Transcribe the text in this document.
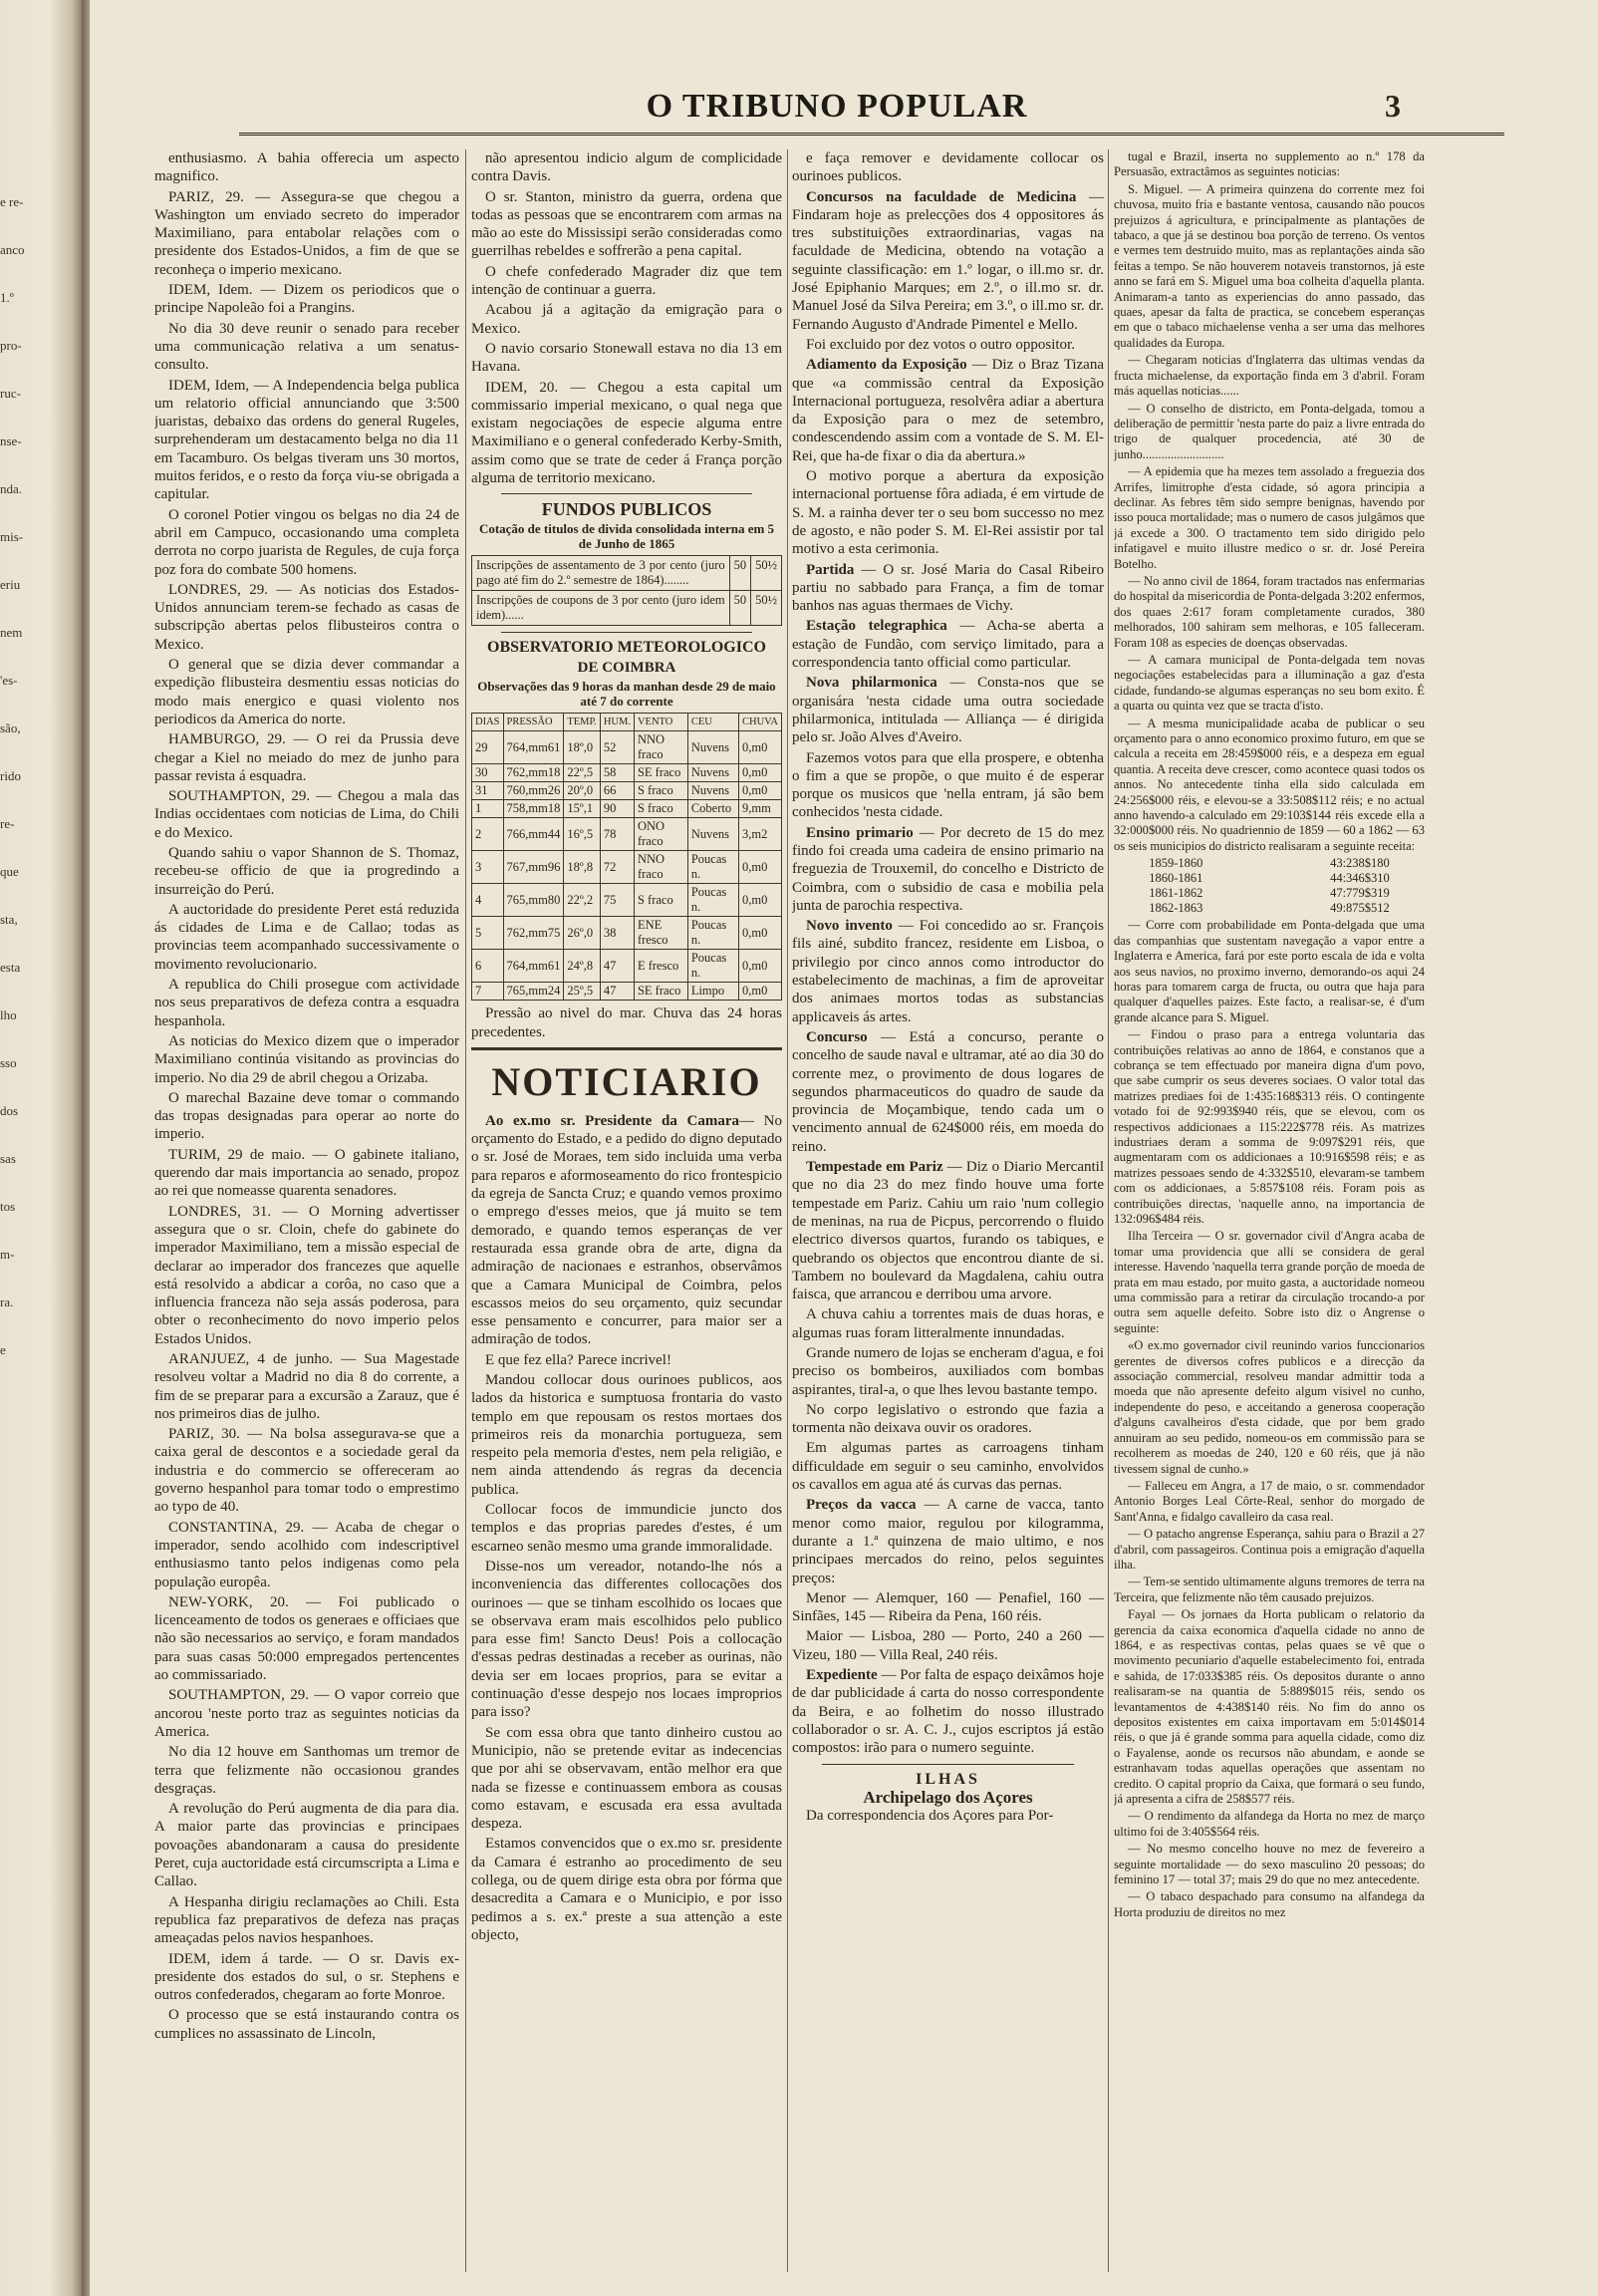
e re-
anco
1.º
pro-
ruc-
nse-
nda.
mis-
eriu
nem
'es-
são,
rido
re-
que
sta,
esta
lho
sso
dos
sas
tos
m-
ra.
e
O TRIBUNO POPULAR	3

enthusiasmo. A bahia offerecia um aspecto magnifico.

PARIZ, 29. — Assegura-se que chegou a Washington um enviado secreto do imperador Maximiliano, para entabolar relações com o presidente dos Estados-Unidos, a fim de que se reconheça o imperio mexicano.

IDEM, Idem. — Dizem os periodicos que o principe Napoleão foi a Prangins.

No dia 30 deve reunir o senado para receber uma communicação relativa a um senatus-consulto.

IDEM, Idem, — A Independencia belga publica um relatorio official annunciando que 3:500 juaristas, debaixo das ordens do general Rugeles, surprehenderam um destacamento belga no dia 11 em Tacamburo. Os belgas tiveram uns 30 mortos, muitos feridos, e o resto da força viu-se obrigada a capitular.

O coronel Potier vingou os belgas no dia 24 de abril em Campuco, occasionando uma completa derrota no corpo juarista de Regules, de cuja força poz fora do combate 500 homens.

LONDRES, 29. — As noticias dos Estados-Unidos annunciam terem-se fechado as casas de subscripção abertas pelos flibusteiros contra o Mexico.

O general que se dizia dever commandar a expedição flibusteira desmentiu essas noticias do modo mais energico e quasi violento nos periodicos da America do norte.

HAMBURGO, 29. — O rei da Prussia deve chegar a Kiel no meiado do mez de junho para passar revista á esquadra.

SOUTHAMPTON, 29. — Chegou a mala das Indias occidentaes com noticias de Lima, do Chili e do Mexico.

Quando sahiu o vapor Shannon de S. Thomaz, recebeu-se officio de que ia progredindo a insurreição do Perú.

A auctoridade do presidente Peret está reduzida ás cidades de Lima e de Callao; todas as provincias teem acompanhado successivamente o movimento revolucionario.

A republica do Chili prosegue com actividade nos seus preparativos de defeza contra a esquadra hespanhola.

As noticias do Mexico dizem que o imperador Maximiliano continúa visitando as provincias do imperio. No dia 29 de abril chegou a Orizaba.

O marechal Bazaine deve tomar o commando das tropas designadas para operar ao norte do imperio.

TURIM, 29 de maio. — O gabinete italiano, querendo dar mais importancia ao senado, propoz ao rei que nomeasse quarenta senadores.

LONDRES, 31. — O Morning advertisser assegura que o sr. Cloin, chefe do gabinete do imperador Maximiliano, tem a missão especial de declarar ao imperador dos francezes que aquelle está resolvido a abdicar a corôa, no caso que a influencia franceza não seja assás poderosa, para obter o reconhecimento do novo imperio pelos Estados Unidos.

ARANJUEZ, 4 de junho. — Sua Magestade resolveu voltar a Madrid no dia 8 do corrente, a fim de se preparar para a excursão a Zarauz, que é nos primeiros dias de julho.

PARIZ, 30. — Na bolsa assegurava-se que a caixa geral de descontos e a sociedade geral da industria e do commercio se offereceram ao governo hespanhol para tomar todo o emprestimo ao typo de 40.

CONSTANTINA, 29. — Acaba de chegar o imperador, sendo acolhido com indescriptivel enthusiasmo tanto pelos indigenas como pela população europêa.

NEW-YORK, 20. — Foi publicado o licenceamento de todos os generaes e officiaes que não são necessarios ao serviço, e foram mandados para suas casas 50:000 empregados pertencentes ao commissariado.

SOUTHAMPTON, 29. — O vapor correio que ancorou 'neste porto traz as seguintes noticias da America.

No dia 12 houve em Santhomas um tremor de terra que felizmente não occasionou grandes desgraças.

A revolução do Perú augmenta de dia para dia. A maior parte das provincias e principaes povoações abandonaram a causa do presidente Peret, cuja auctoridade está circumscripta a Lima e Callao.

A Hespanha dirigiu reclamações ao Chili. Esta republica faz preparativos de defeza nas praças ameaçadas pelos navios hespanhoes.

IDEM, idem á tarde. — O sr. Davis ex-presidente dos estados do sul, o sr. Stephens e outros confederados, chegaram ao forte Monroe.

O processo que se está instaurando contra os cumplices no assassinato de Lincoln,

não apresentou indicio algum de complicidade contra Davis.

O sr. Stanton, ministro da guerra, ordena que todas as pessoas que se encontrarem com armas na mão ao este do Mississipi serão consideradas como guerrilhas rebeldes e soffrerão a pena capital.

O chefe confederado Magrader diz que tem intenção de continuar a guerra.

Acabou já a agitação da emigração para o Mexico.

O navio corsario Stonewall estava no dia 13 em Havana.

IDEM, 20. — Chegou a esta capital um commissario imperial mexicano, o qual nega que existam negociações de especie alguma entre Maximiliano e o general confederado Kerby-Smith, assim como que se trate de ceder á França porção alguma de territorio mexicano.

FUNDOS PUBLICOS
Cotação de titulos de divida consolidada interna em 5 de Junho de 1865
Inscripções de assentamento de 3 por cento (juro pago até fim do 2.º semestre de 1864)........	50	50½
Inscripções de coupons de 3 por cento (juro idem idem)......	50	50½
OBSERVATORIO METEOROLOGICO
DE COIMBRA
Observações das 9 horas da manhan desde 29 de maio até 7 do corrente
DIAS	PRESSÃO	TEMP.	HUM.	VENTO	CEU	CHUVA
29	764,mm61	18º,0	52	NNO fraco	Nuvens	0,m0
30	762,mm18	22º,5	58	SE fraco	Nuvens	0,m0
31	760,mm26	20º,0	66	S fraco	Nuvens	0,m0
1	758,mm18	15º,1	90	S fraco	Coberto	9,mm
2	766,mm44	16º,5	78	ONO fraco	Nuvens	3,m2
3	767,mm96	18º,8	72	NNO fraco	Poucas n.	0,m0
4	765,mm80	22º,2	75	S fraco	Poucas n.	0,m0
5	762,mm75	26º,0	38	ENE fresco	Poucas n.	0,m0
6	764,mm61	24º,8	47	E fresco	Poucas n.	0,m0
7	765,mm24	25º,5	47	SE fraco	Limpo	0,m0

Pressão ao nivel do mar. Chuva das 24 horas precedentes.

NOTICIARIO

Ao ex.mo sr. Presidente da Camara— No orçamento do Estado, e a pedido do digno deputado o sr. José de Moraes, tem sido incluida uma verba para reparos e aformoseamento do rico frontespicio da egreja de Sancta Cruz; e quando vemos proximo o emprego d'esses meios, que já muito se tem demorado, e quando temos esperanças de ver restaurada essa grande obra de arte, digna da admiração de nacionaes e estranhos, observâmos que a Camara Municipal de Coimbra, pelos escassos meios do seu orçamento, quiz secundar esse pensamento e concurrer, para maior ser a admiração de todos.

E que fez ella? Parece incrivel!

Mandou collocar dous ourinoes publicos, aos lados da historica e sumptuosa frontaria do vasto templo em que repousam os restos mortaes dos primeiros reis da monarchia portugueza, sem respeito pela memoria d'estes, nem pela religião, e nem ainda attendendo ás regras da decencia publica.

Collocar focos de immundicie juncto dos templos e das proprias paredes d'estes, é um escarneo senão mesmo uma grande immoralidade.

Disse-nos um vereador, notando-lhe nós a inconveniencia das differentes collocações dos ourinoes — que se tinham escolhido os locaes que se observava eram mais escolhidos pelo publico para esse fim! Sancto Deus! Pois a collocação d'essas pedras destinadas a receber as ourinas, não devia ser em locaes proprios, para se evitar a continuação d'esse despejo nos locaes improprios para isso?

Se com essa obra que tanto dinheiro custou ao Municipio, não se pretende evitar as indecencias que por ahi se observavam, então melhor era que nada se fizesse e continuassem embora as cousas como estavam, e escusada era essa avultada despeza.

Estamos convencidos que o ex.mo sr. presidente da Camara é estranho ao procedimento de seu collega, ou de quem dirige esta obra por fórma que desacredita a Camara e o Municipio, e por isso pedimos a s. ex.ª preste a sua attenção a este objecto,

e faça remover e devidamente collocar os ourinoes publicos.

Concursos na faculdade de Medicina — Findaram hoje as prelecções dos 4 oppositores ás tres substituições extraordinarias, vagas na faculdade de Medicina, obtendo na votação a seguinte classificação: em 1.º logar, o ill.mo sr. dr. José Epiphanio Marques; em 2.º, o ill.mo sr. dr. Manuel José da Silva Pereira; em 3.º, o ill.mo sr. dr. Fernando Augusto d'Andrade Pimentel e Mello.

Foi excluido por dez votos o outro oppositor.

Adiamento da Exposição — Diz o Braz Tizana que «a commissão central da Exposição Internacional portugueza, resolvêra adiar a abertura da Exposição para o mez de setembro, condescendendo assim com a vontade de S. M. El-Rei, que ha-de fixar o dia da abertura.»

O motivo porque a abertura da exposição internacional portuense fôra adiada, é em virtude de S. M. a rainha dever ter o seu bom successo no mez de agosto, e não poder S. M. El-Rei assistir por tal motivo a esta cerimonia.

Partida — O sr. José Maria do Casal Ribeiro partiu no sabbado para França, a fim de tomar banhos nas aguas thermaes de Vichy.

Estação telegraphica — Acha-se aberta a estação de Fundão, com serviço limitado, para a correspondencia tanto official como particular.

Nova philarmonica — Consta-nos que se organisára 'nesta cidade uma outra sociedade philarmonica, intitulada — Alliança — é dirigida pelo sr. João Alves d'Aveiro.

Fazemos votos para que ella prospere, e obtenha o fim a que se propõe, o que muito é de esperar porque os musicos que 'nella entram, já são bem conhecidos 'nesta cidade.

Ensino primario — Por decreto de 15 do mez findo foi creada uma cadeira de ensino primario na freguezia de Trouxemil, do concelho e Districto de Coimbra, com o subsidio de casa e mobilia pela junta de parochia respectiva.

Novo invento — Foi concedido ao sr. François fils ainé, subdito francez, residente em Lisboa, o privilegio por cinco annos como introductor do estabelecimento de machinas, a fim de aproveitar dos animaes mortos todas as substancias applicaveis ás artes.

Concurso — Está a concurso, perante o concelho de saude naval e ultramar, até ao dia 30 do corrente mez, o provimento de dous logares de segundos pharmaceuticos do quadro de saude da provincia de Moçambique, tendo cada um o vencimento annual de 624$000 réis, em moeda do reino.

Tempestade em Pariz — Diz o Diario Mercantil que no dia 23 do mez findo houve uma forte tempestade em Pariz. Cahiu um raio 'num collegio de meninas, na rua de Picpus, percorrendo o fluido electrico diversos quartos, furando os tabiques, e quebrando os objectos que encontrou diante de si. Tambem no boulevard da Magdalena, cahiu outra faisca, que arrancou e derribou uma arvore.

A chuva cahiu a torrentes mais de duas horas, e algumas ruas foram litteralmente innundadas.

Grande numero de lojas se encheram d'agua, e foi preciso os bombeiros, auxiliados com bombas aspirantes, tiral-a, o que lhes levou bastante tempo.

No corpo legislativo o estrondo que fazia a tormenta não deixava ouvir os oradores.

Em algumas partes as carroagens tinham difficuldade em seguir o seu caminho, envolvidos os cavallos em agua até ás curvas das pernas.

Preços da vacca — A carne de vacca, tanto menor como maior, regulou por kilogramma, durante a 1.ª quinzena de maio ultimo, e nos principaes mercados do reino, pelos seguintes preços:

Menor — Alemquer, 160 — Penafiel, 160 — Sinfães, 145 — Ribeira da Pena, 160 réis.

Maior — Lisboa, 280 — Porto, 240 a 260 — Vizeu, 180 — Villa Real, 240 réis.

Expediente — Por falta de espaço deixâmos hoje de dar publicidade á carta do nosso correspondente da Beira, e ao folhetim do nosso illustrado collaborador o sr. A. C. J., cujos escriptos já estão compostos: irão para o numero seguinte.

ILHAS
Archipelago dos Açores

Da correspondencia dos Açores para Por-

tugal e Brazil, inserta no supplemento ao n.º 178 da Persuasão, extractâmos as seguintes noticias:

S. Miguel. — A primeira quinzena do corrente mez foi chuvosa, muito fria e bastante ventosa, causando não poucos prejuizos á agricultura, e principalmente as plantações de tabaco, a que já se destinou boa porção de terreno. Os ventos e vermes tem destruido muito, mas as replantações ainda são feitas a tempo. Se não houverem notaveis transtornos, já este anno se fará em S. Miguel uma boa colheita d'aquella planta. Animaram-a tanto as experiencias do anno passado, das quaes, apesar da falta de practica, se concebem esperanças em que o tabaco michaelense venha a ser uma das melhores qualidades da Europa.

— Chegaram noticias d'Inglaterra das ultimas vendas da fructa michaelense, da exportação finda em 3 d'abril. Foram más aquellas noticias......

— O conselho de districto, em Ponta-delgada, tomou a deliberação de permittir 'nesta parte do paiz a livre entrada do trigo de qualquer procedencia, até 30 de junho..........................

— A epidemia que ha mezes tem assolado a freguezia dos Arrifes, limitrophe d'esta cidade, só agora principia a declinar. As febres têm sido sempre benignas, havendo por isso pouca mortalidade; mas o numero de casos julgâmos que já excede a 300. O tractamento tem sido dirigido pelo infatigavel e muito illustre medico o sr. dr. José Pereira Botelho.

— No anno civil de 1864, foram tractados nas enfermarias do hospital da misericordia de Ponta-delgada 3:202 enfermos, dos quaes 2:617 foram completamente curados, 380 melhorados, 100 sahiram sem melhoras, e 105 falleceram. Foram 108 as especies de doenças observadas.

— A camara municipal de Ponta-delgada tem novas negociações estabelecidas para a illuminação a gaz d'esta cidade, fundando-se algumas esperanças no seu bom exito. É a quarta ou quinta vez que se tracta d'isto.

— A mesma municipalidade acaba de publicar o seu orçamento para o anno economico proximo futuro, em que se calcula a receita em 28:459$000 réis, e a despeza em egual quantia. A receita deve crescer, como acontece quasi todos os annos. No antecedente tinha ella sido calculada em 24:256$000 réis, e elevou-se a 33:508$112 réis; e no actual anno havendo-a calculado em 29:103$144 réis excede ella a 32:000$000 réis. No quadriennio de 1859 — 60 a 1862 — 63 os seis municipios do districto realisaram a seguinte receita:

1859-1860	43:238$180
1860-1861	44:346$310
1861-1862	47:779$319
1862-1863	49:875$512

— Corre com probabilidade em Ponta-delgada que uma das companhias que sustentam navegação a vapor entre a Inglaterra e America, fará por este porto escala de ida e volta aos seus navios, no proximo inverno, demorando-os aqui 24 horas para tomarem carga de fructa, ou outra que haja para qualquer d'aquelles paizes. Este facto, a realisar-se, é d'um grande alcance para S. Miguel.

— Findou o praso para a entrega voluntaria das contribuições relativas ao anno de 1864, e constanos que a cobrança se tem effectuado por maneira digna d'um povo, que sabe cumprir os seus deveres sociaes. O valor total das matrizes prediaes foi de 1:435:168$313 réis. O contingente votado foi de 92:993$940 réis, que se elevou, com os respectivos addicionaes a 115:222$778 réis. As matrizes industriaes deram a somma de 9:097$291 réis, que augmentaram com os addicionaes a 10:916$598 réis; e as matrizes pessoaes sendo de 4:332$510, elevaram-se tambem com os addicionaes, a 5:857$108 réis. Foram pois as contribuições directas, 'naquelle anno, na importancia de 132:096$484 réis.

Ilha Terceira — O sr. governador civil d'Angra acaba de tomar uma providencia que alli se considera de geral interesse. Havendo 'naquella terra grande porção de moeda de prata em mau estado, por muito gasta, a auctoridade nomeou uma commissão para a retirar da circulação trocando-a por outra sem aquelle defeito. Sobre isto diz o Angrense o seguinte:

«O ex.mo governador civil reunindo varios funccionarios gerentes de diversos cofres publicos e a direcção da associação commercial, resolveu mandar admittir toda a moeda que não apresente defeito algum visivel no cunho, independente do peso, e acceitando a generosa cooperação d'alguns cavalheiros d'esta cidade, que por bem grado annuiram ao seu pedido, nomeou-os em commissão para se recolherem as moedas de 240, 120 e 60 réis, que já não tivessem signal de cunho.»

— Falleceu em Angra, a 17 de maio, o sr. commendador Antonio Borges Leal Côrte-Real, senhor do morgado de Sant'Anna, e fidalgo cavalleiro da casa real.

— O patacho angrense Esperança, sahiu para o Brazil a 27 d'abril, com passageiros. Continua pois a emigração d'aquella ilha.

— Tem-se sentido ultimamente alguns tremores de terra na Terceira, que felizmente não têm causado prejuizos.

Fayal — Os jornaes da Horta publicam o relatorio da gerencia da caixa economica d'aquella cidade no anno de 1864, e as respectivas contas, pelas quaes se vê que o movimento pecuniario d'aquelle estabelecimento foi, entrada e sahida, de 17:033$385 réis. Os depositos durante o anno realisaram-se na quantia de 5:889$015 réis, sendo os levantamentos de 4:438$140 réis. No fim do anno os depositos existentes em caixa importavam em 5:014$014 réis, o que já é grande somma para aquella cidade, como diz o Fayalense, aonde os recursos não abundam, e aonde se estranhavam todas aquellas operações que assentam no credito. O capital proprio da Caixa, que formará o seu fundo, já apresenta a cifra de 258$577 réis.

— O rendimento da alfandega da Horta no mez de março ultimo foi de 3:405$564 réis.

— No mesmo concelho houve no mez de fevereiro a seguinte mortalidade — do sexo masculino 20 pessoas; do feminino 17 — total 37; mais 29 do que no mez antecedente.

— O tabaco despachado para consumo na alfandega da Horta produziu de direitos no mez
